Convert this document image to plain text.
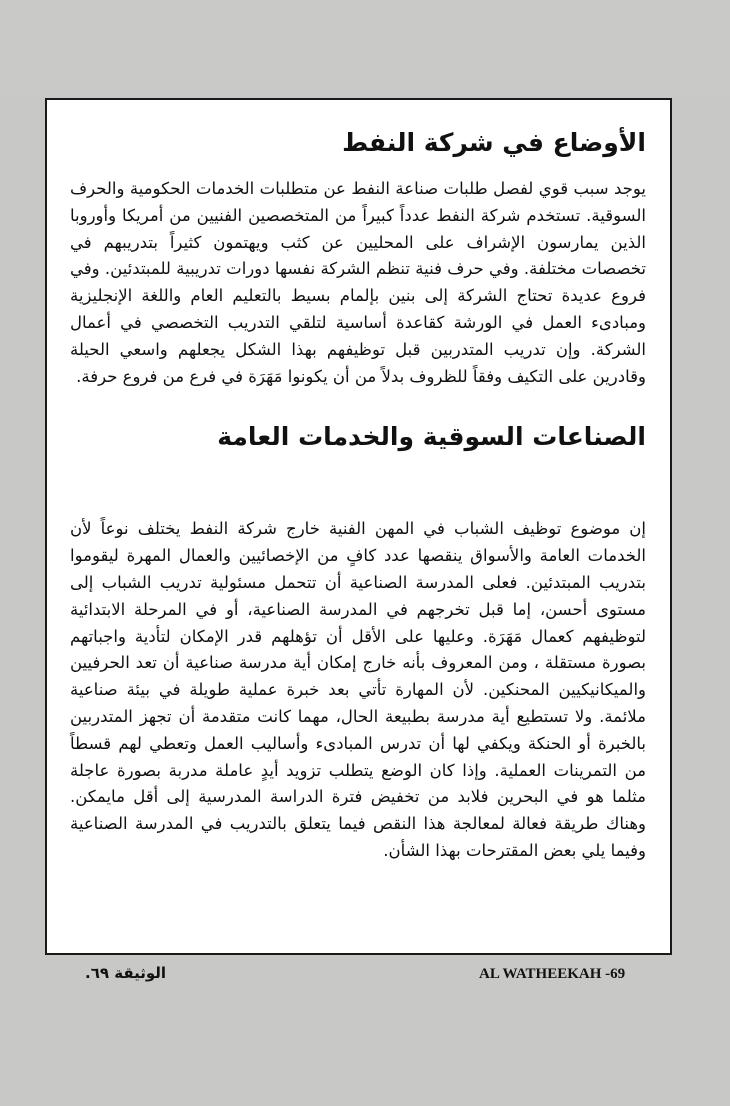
الأوضاع في شركة النفط

يوجد سبب قوي لفصل طلبات صناعة النفط عن متطلبات الخدمات الحكومية والحرف السوقية. تستخدم شركة النفط عدداً كبيراً من المتخصصين الفنيين من أمريكا وأوروبا الذين يمارسون الإشراف على المحليين عن كثب ويهتمون كثيراً بتدريبهم في تخصصات مختلفة. وفي حرف فنية تنظم الشركة نفسها دورات تدريبية للمبتدئين. وفي فروع عديدة تحتاج الشركة إلى بنين بإلمام بسيط بالتعليم العام واللغة الإنجليزية ومبادىء العمل في الورشة كقاعدة أساسية لتلقي التدريب التخصصي في أعمال الشركة. وإن تدريب المتدربين قبل توظيفهم بهذا الشكل يجعلهم واسعي الحيلة وقادرين على التكيف وفقاً للظروف بدلاً من أن يكونوا مَهَرَة في فرع من فروع حرفة.

الصناعات السوقية والخدمات العامة

إن موضوع توظيف الشباب في المهن الفنية خارج شركة النفط يختلف نوعاً لأن الخدمات العامة والأسواق ينقصها عدد كافٍ من الإخصائيين والعمال المهرة ليقوموا بتدريب المبتدئين. فعلى المدرسة الصناعية أن تتحمل مسئولية تدريب الشباب إلى مستوى أحسن، إما قبل تخرجهم في المدرسة الصناعية، أو في المرحلة الابتدائية لتوظيفهم كعمال مَهَرَة. وعليها على الأقل أن تؤهلهم قدر الإمكان لتأدية واجباتهم بصورة مستقلة ، ومن المعروف بأنه خارج إمكان أية مدرسة صناعية أن تعد الحرفيين والميكانيكيين المحنكين. لأن المهارة تأتي بعد خبرة عملية طويلة في بيئة صناعية ملائمة. ولا تستطيع أية مدرسة بطبيعة الحال، مهما كانت متقدمة أن تجهز المتدربين بالخبرة أو الحنكة ويكفي لها أن تدرس المبادىء وأساليب العمل وتعطي لهم قسطاً من التمرينات العملية. وإذا كان الوضع يتطلب تزويد أيدٍ عاملة مدربة بصورة عاجلة مثلما هو في البحرين فلابد من تخفيض فترة الدراسة المدرسية إلى أقل مايمكن. وهناك طريقة فعالة لمعالجة هذا النقص فيما يتعلق بالتدريب في المدرسة الصناعية وفيما يلي بعض المقترحات بهذا الشأن.

AL WATHEEKAH -69
الوثيقة ٦٩.
